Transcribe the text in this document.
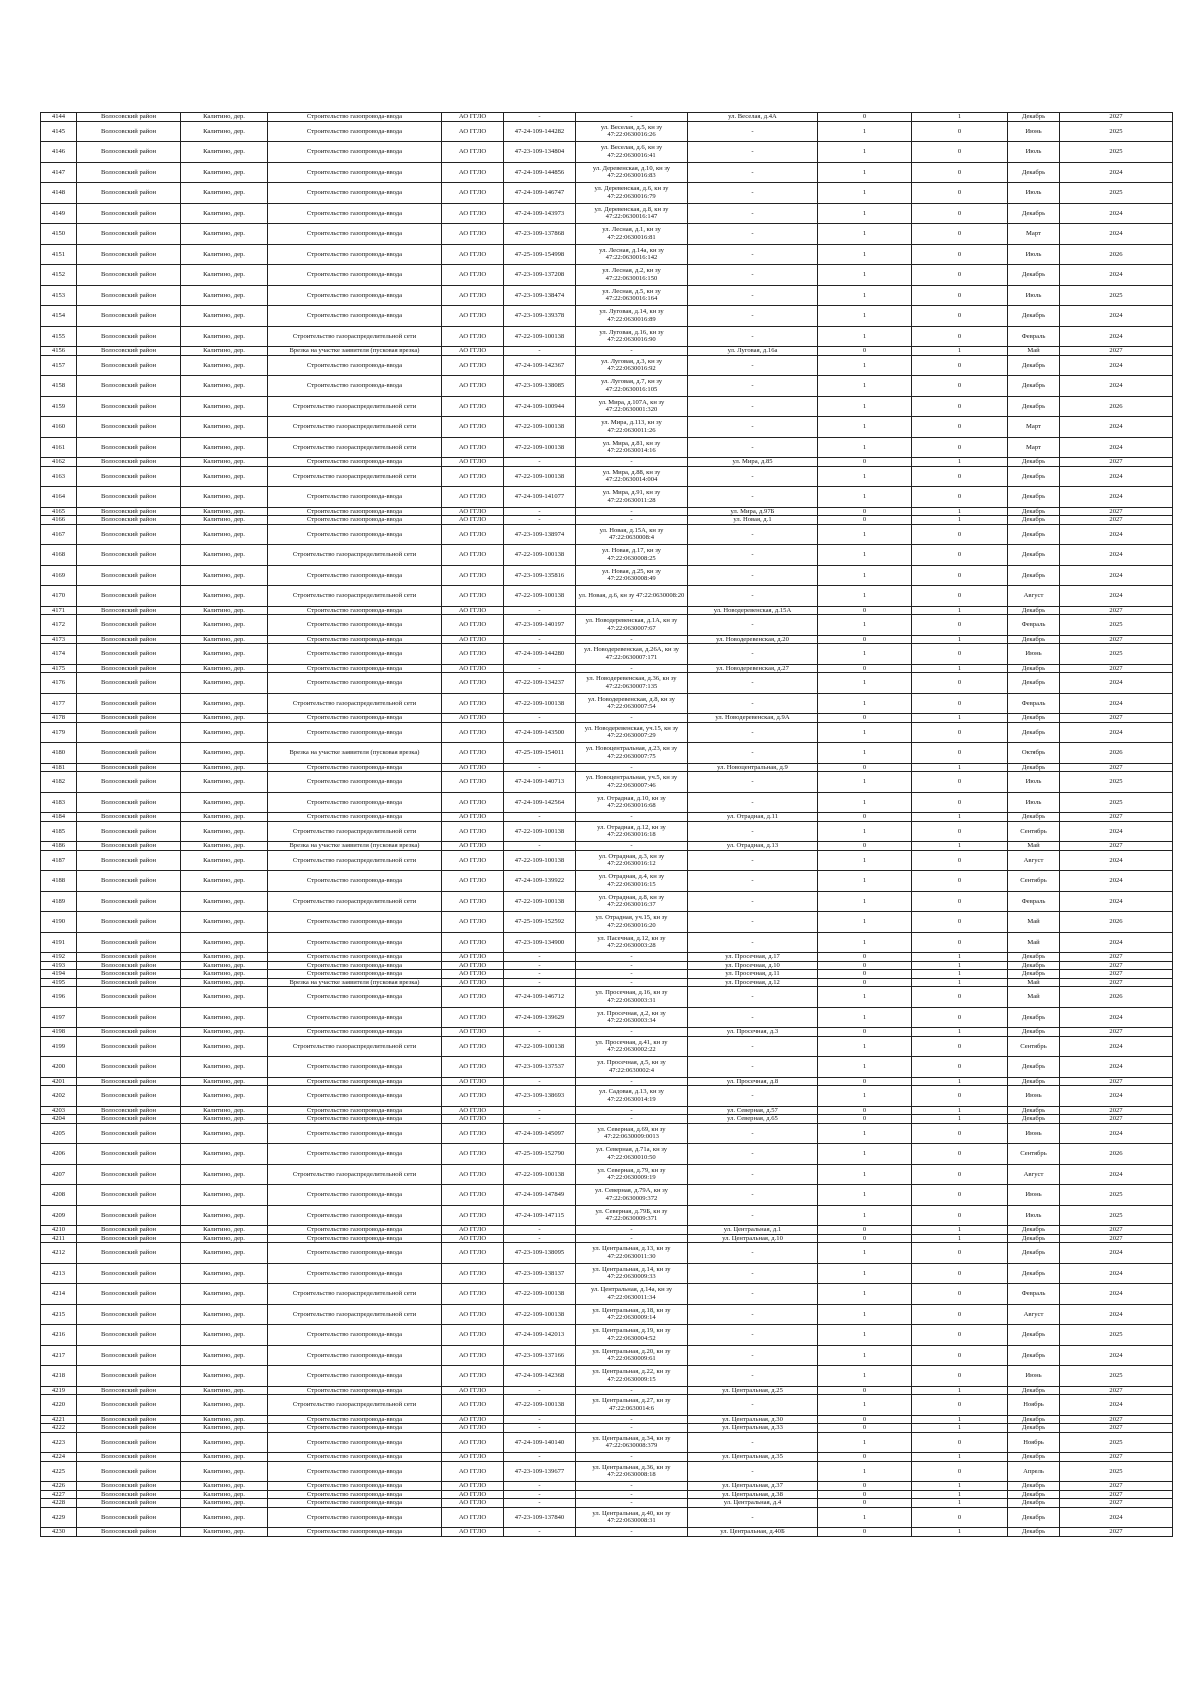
4144	Волосовский район	Калитино, дер.	Строительство газопровода-ввода	АО ГГЛО	-	-	ул. Веселая, д.4А	0	1	Декабрь	2027
4145	Волосовский район	Калитино, дер.	Строительство газопровода-ввода	АО ГГЛО	47-24-109-144282	ул. Веселая, д.5, кн зу 47:22:0630016:26	-	1	0	Июнь	2025
4146	Волосовский район	Калитино, дер.	Строительство газопровода-ввода	АО ГГЛО	47-23-109-134804	ул. Веселая, д.6, кн зу 47:22:0630016:41	-	1	0	Июль	2025
4147	Волосовский район	Калитино, дер.	Строительство газопровода-ввода	АО ГГЛО	47-24-109-144856	ул. Деревенская, д.10, кн зу 47:22:0630016:83	-	1	0	Декабрь	2024
4148	Волосовский район	Калитино, дер.	Строительство газопровода-ввода	АО ГГЛО	47-24-109-146747	ул. Деревенская, д.6, кн зу 47:22:0630016:79	-	1	0	Июль	2025
4149	Волосовский район	Калитино, дер.	Строительство газопровода-ввода	АО ГГЛО	47-24-109-143973	ул. Деревенская, д.8, кн зу 47:22:0630016:147	-	1	0	Декабрь	2024
4150	Волосовский район	Калитино, дер.	Строительство газопровода-ввода	АО ГГЛО	47-23-109-137868	ул. Лесная, д.1, кн зу 47:22:0630016:81	-	1	0	Март	2024
4151	Волосовский район	Калитино, дер.	Строительство газопровода-ввода	АО ГГЛО	47-25-109-154998	ул. Лесная, д.14а, кн зу 47:22:0630016:142	-	1	0	Июль	2026
4152	Волосовский район	Калитино, дер.	Строительство газопровода-ввода	АО ГГЛО	47-23-109-137208	ул. Лесная, д.2, кн зу 47:22:0630016:150	-	1	0	Декабрь	2024
4153	Волосовский район	Калитино, дер.	Строительство газопровода-ввода	АО ГГЛО	47-23-109-138474	ул. Лесная, д.5, кн зу 47:22:0630016:164	-	1	0	Июль	2025
4154	Волосовский район	Калитино, дер.	Строительство газопровода-ввода	АО ГГЛО	47-23-109-139378	ул. Луговая, д.14, кн зу 47:22:0630016:89	-	1	0	Декабрь	2024
4155	Волосовский район	Калитино, дер.	Строительство газораспределительной сети	АО ГГЛО	47-22-109-100138	ул. Луговая, д.16, кн зу 47:22:0630016:90	-	1	0	Февраль	2024
4156	Волосовский район	Калитино, дер.	Врезка на участке заявителя (пусковая врезка)	АО ГГЛО	-	-	ул. Луговая, д.16а	0	1	Май	2027
4157	Волосовский район	Калитино, дер.	Строительство газопровода-ввода	АО ГГЛО	47-24-109-142367	ул. Луговая, д.3, кн зу 47:22:0630016:92	-	1	0	Декабрь	2024
4158	Волосовский район	Калитино, дер.	Строительство газопровода-ввода	АО ГГЛО	47-23-109-138085	ул. Луговая, д.7, кн зу 47:22:0630016:105	-	1	0	Декабрь	2024
4159	Волосовский район	Калитино, дер.	Строительство газораспределительной сети	АО ГГЛО	47-24-109-100944	ул. Мира, д.107А, кн зу 47:22:0630001:320	-	1	0	Декабрь	2026
4160	Волосовский район	Калитино, дер.	Строительство газораспределительной сети	АО ГГЛО	47-22-109-100138	ул. Мира, д.113, кн зу 47:22:0630011:26	-	1	0	Март	2024
4161	Волосовский район	Калитино, дер.	Строительство газораспределительной сети	АО ГГЛО	47-22-109-100138	ул. Мира, д.81, кн зу 47:22:0630014:16	-	1	0	Март	2024
4162	Волосовский район	Калитино, дер.	Строительство газопровода-ввода	АО ГГЛО	-	-	ул. Мира, д.85	0	1	Декабрь	2027
4163	Волосовский район	Калитино, дер.	Строительство газораспределительной сети	АО ГГЛО	47-22-109-100138	ул. Мира, д.88, кн зу 47:22:0630014:004	-	1	0	Декабрь	2024
4164	Волосовский район	Калитино, дер.	Строительство газопровода-ввода	АО ГГЛО	47-24-109-141077	ул. Мира, д.91, кн зу 47:22:0630011:28	-	1	0	Декабрь	2024
4165	Волосовский район	Калитино, дер.	Строительство газопровода-ввода	АО ГГЛО	-	-	ул. Мира, д.97Б	0	1	Декабрь	2027
4166	Волосовский район	Калитино, дер.	Строительство газопровода-ввода	АО ГГЛО	-	-	ул. Новая, д.1	0	1	Декабрь	2027
4167	Волосовский район	Калитино, дер.	Строительство газопровода-ввода	АО ГГЛО	47-23-109-138974	ул. Новая, д.15А, кн зу 47:22:0630008:4	-	1	0	Декабрь	2024
4168	Волосовский район	Калитино, дер.	Строительство газораспределительной сети	АО ГГЛО	47-22-109-100138	ул. Новая, д.17, кн зу 47:22:0630008:25	-	1	0	Декабрь	2024
4169	Волосовский район	Калитино, дер.	Строительство газопровода-ввода	АО ГГЛО	47-23-109-135816	ул. Новая, д.25, кн зу 47:22:0630008:49	-	1	0	Декабрь	2024
4170	Волосовский район	Калитино, дер.	Строительство газораспределительной сети	АО ГГЛО	47-22-109-100138	ул. Новая, д.6, кн зу 47:22:0630008:20	-	1	0	Август	2024
4171	Волосовский район	Калитино, дер.	Строительство газопровода-ввода	АО ГГЛО	-	-	ул. Новодеревенская, д.15А	0	1	Декабрь	2027
4172	Волосовский район	Калитино, дер.	Строительство газопровода-ввода	АО ГГЛО	47-23-109-140197	ул. Новодеревенская, д.1А, кн зу 47:22:0630007:67	-	1	0	Февраль	2025
4173	Волосовский район	Калитино, дер.	Строительство газопровода-ввода	АО ГГЛО	-	-	ул. Новодеревенская, д.20	0	1	Декабрь	2027
4174	Волосовский район	Калитино, дер.	Строительство газопровода-ввода	АО ГГЛО	47-24-109-144280	ул. Новодеревенская, д.26А, кн зу 47:22:0630007:171	-	1	0	Июнь	2025
4175	Волосовский район	Калитино, дер.	Строительство газопровода-ввода	АО ГГЛО	-	-	ул. Новодеревенская, д.27	0	1	Декабрь	2027
4176	Волосовский район	Калитино, дер.	Строительство газопровода-ввода	АО ГГЛО	47-22-109-134237	ул. Новодеревенская, д.36, кн зу 47:22:0630007:135	-	1	0	Декабрь	2024
4177	Волосовский район	Калитино, дер.	Строительство газораспределительной сети	АО ГГЛО	47-22-109-100138	ул. Новодеревенская, д.8, кн зу 47:22:0630007:54	-	1	0	Февраль	2024
4178	Волосовский район	Калитино, дер.	Строительство газопровода-ввода	АО ГГЛО	-	-	ул. Новодеревенская, д.9А	0	1	Декабрь	2027
4179	Волосовский район	Калитино, дер.	Строительство газопровода-ввода	АО ГГЛО	47-24-109-143500	ул. Новодеревенская, уч.15, кн зу 47:22:0630007:29	-	1	0	Декабрь	2024
4180	Волосовский район	Калитино, дер.	Врезка на участке заявителя (пусковая врезка)	АО ГГЛО	47-25-109-154011	ул. Новоцентральная, д.23, кн зу 47:22:0630007:75	-	1	0	Октябрь	2026
4181	Волосовский район	Калитино, дер.	Строительство газопровода-ввода	АО ГГЛО	-	-	ул. Новоцентральная, д.9	0	1	Декабрь	2027
4182	Волосовский район	Калитино, дер.	Строительство газопровода-ввода	АО ГГЛО	47-24-109-140713	ул. Новоцентральная, уч.5, кн зу 47:22:0630007:46	-	1	0	Июль	2025
4183	Волосовский район	Калитино, дер.	Строительство газопровода-ввода	АО ГГЛО	47-24-109-142564	ул. Отрадная, д.10, кн зу 47:22:0630016:68	-	1	0	Июль	2025
4184	Волосовский район	Калитино, дер.	Строительство газопровода-ввода	АО ГГЛО	-	-	ул. Отрадная, д.11	0	1	Декабрь	2027
4185	Волосовский район	Калитино, дер.	Строительство газораспределительной сети	АО ГГЛО	47-22-109-100138	ул. Отрадная, д.12, кн зу 47:22:0630016:18	-	1	0	Сентябрь	2024
4186	Волосовский район	Калитино, дер.	Врезка на участке заявителя (пусковая врезка)	АО ГГЛО	-	-	ул. Отрадная, д.13	0	1	Май	2027
4187	Волосовский район	Калитино, дер.	Строительство газораспределительной сети	АО ГГЛО	47-22-109-100138	ул. Отрадная, д.3, кн зу 47:22:0630016:12	-	1	0	Август	2024
4188	Волосовский район	Калитино, дер.	Строительство газопровода-ввода	АО ГГЛО	47-24-109-139922	ул. Отрадная, д.4, кн зу 47:22:0630016:15	-	1	0	Сентябрь	2024
4189	Волосовский район	Калитино, дер.	Строительство газораспределительной сети	АО ГГЛО	47-22-109-100138	ул. Отрадная, д.8, кн зу 47:22:0630016:37	-	1	0	Февраль	2024
4190	Волосовский район	Калитино, дер.	Строительство газопровода-ввода	АО ГГЛО	47-25-109-152592	ул. Отрадная, уч.15, кн зу 47:22:0630016:20	-	1	0	Май	2026
4191	Волосовский район	Калитино, дер.	Строительство газопровода-ввода	АО ГГЛО	47-23-109-134900	ул. Пасечная, д.12, кн зу 47:22:0630003:28	-	1	0	Май	2024
4192	Волосовский район	Калитино, дер.	Строительство газопровода-ввода	АО ГГЛО	-	-	ул. Просечная, д.17	0	1	Декабрь	2027
4193	Волосовский район	Калитино, дер.	Строительство газопровода-ввода	АО ГГЛО	-	-	ул. Просечная, д.10	0	1	Декабрь	2027
4194	Волосовский район	Калитино, дер.	Строительство газопровода-ввода	АО ГГЛО	-	-	ул. Просечная, д.11	0	1	Декабрь	2027
4195	Волосовский район	Калитино, дер.	Врезка на участке заявителя (пусковая врезка)	АО ГГЛО	-	-	ул. Просечная, д.12	0	1	Май	2027
4196	Волосовский район	Калитино, дер.	Строительство газопровода-ввода	АО ГГЛО	47-24-109-146712	ул. Просечная, д.16, кн зу 47:22:0630003:31	-	1	0	Май	2026
4197	Волосовский район	Калитино, дер.	Строительство газопровода-ввода	АО ГГЛО	47-24-109-139629	ул. Просечная, д.2, кн зу 47:22:0630003:34	-	1	0	Декабрь	2024
4198	Волосовский район	Калитино, дер.	Строительство газопровода-ввода	АО ГГЛО	-	-	ул. Просечная, д.3	0	1	Декабрь	2027
4199	Волосовский район	Калитино, дер.	Строительство газораспределительной сети	АО ГГЛО	47-22-109-100138	ул. Просечная, д.41, кн зу 47:22:0630002:22	-	1	0	Сентябрь	2024
4200	Волосовский район	Калитино, дер.	Строительство газопровода-ввода	АО ГГЛО	47-23-109-137537	ул. Просечная, д.5, кн зу 47:22:0630002:4	-	1	0	Декабрь	2024
4201	Волосовский район	Калитино, дер.	Строительство газопровода-ввода	АО ГГЛО	-	-	ул. Просечная, д.8	0	1	Декабрь	2027
4202	Волосовский район	Калитино, дер.	Строительство газопровода-ввода	АО ГГЛО	47-23-109-138693	ул. Садовая, д.13, кн зу 47:22:0630014:19	-	1	0	Июнь	2024
4203	Волосовский район	Калитино, дер.	Строительство газопровода-ввода	АО ГГЛО	-	-	ул. Северная, д.57	0	1	Декабрь	2027
4204	Волосовский район	Калитино, дер.	Строительство газопровода-ввода	АО ГГЛО	-	-	ул. Северная, д.65	0	1	Декабрь	2027
4205	Волосовский район	Калитино, дер.	Строительство газопровода-ввода	АО ГГЛО	47-24-109-145097	ул. Северная, д.69, кн зу 47:22:0630009:0013	-	1	0	Июнь	2024
4206	Волосовский район	Калитино, дер.	Строительство газопровода-ввода	АО ГГЛО	47-25-109-152790	ул. Северная, д.71а, кн зу 47:22:0630010:50	-	1	0	Сентябрь	2026
4207	Волосовский район	Калитино, дер.	Строительство газораспределительной сети	АО ГГЛО	47-22-109-100138	ул. Северная, д.79, кн зу 47:22:0630009:19	-	1	0	Август	2024
4208	Волосовский район	Калитино, дер.	Строительство газопровода-ввода	АО ГГЛО	47-24-109-147849	ул. Северная, д.79А, кн зу 47:22:0630009:372	-	1	0	Июнь	2025
4209	Волосовский район	Калитино, дер.	Строительство газопровода-ввода	АО ГГЛО	47-24-109-147115	ул. Северная, д.79Б, кн зу 47:22:0630009:371	-	1	0	Июль	2025
4210	Волосовский район	Калитино, дер.	Строительство газопровода-ввода	АО ГГЛО	-	-	ул. Центральная, д.1	0	1	Декабрь	2027
4211	Волосовский район	Калитино, дер.	Строительство газопровода-ввода	АО ГГЛО	-	-	ул. Центральная, д.10	0	1	Декабрь	2027
4212	Волосовский район	Калитино, дер.	Строительство газопровода-ввода	АО ГГЛО	47-23-109-138095	ул. Центральная, д.13, кн зу 47:22:0630011:30	-	1	0	Декабрь	2024
4213	Волосовский район	Калитино, дер.	Строительство газопровода-ввода	АО ГГЛО	47-23-109-138137	ул. Центральная, д.14, кн зу 47:22:0630009:33	-	1	0	Декабрь	2024
4214	Волосовский район	Калитино, дер.	Строительство газораспределительной сети	АО ГГЛО	47-22-109-100138	ул. Центральная, д.14а, кн зу 47:22:0630011:34	-	1	0	Февраль	2024
4215	Волосовский район	Калитино, дер.	Строительство газораспределительной сети	АО ГГЛО	47-22-109-100138	ул. Центральная, д.18, кн зу 47:22:0630009:14	-	1	0	Август	2024
4216	Волосовский район	Калитино, дер.	Строительство газопровода-ввода	АО ГГЛО	47-24-109-142013	ул. Центральная, д.19, кн зу 47:22:0630004:52	-	1	0	Декабрь	2025
4217	Волосовский район	Калитино, дер.	Строительство газопровода-ввода	АО ГГЛО	47-23-109-137166	ул. Центральная, д.20, кн зу 47:22:0630009:61	-	1	0	Декабрь	2024
4218	Волосовский район	Калитино, дер.	Строительство газопровода-ввода	АО ГГЛО	47-24-109-142368	ул. Центральная, д.22, кн зу 47:22:0630009:15	-	1	0	Июнь	2025
4219	Волосовский район	Калитино, дер.	Строительство газопровода-ввода	АО ГГЛО	-	-	ул. Центральная, д.25	0	1	Декабрь	2027
4220	Волосовский район	Калитино, дер.	Строительство газораспределительной сети	АО ГГЛО	47-22-109-100138	ул. Центральная, д.27, кн зу 47:22:0630014:6	-	1	0	Ноябрь	2024
4221	Волосовский район	Калитино, дер.	Строительство газопровода-ввода	АО ГГЛО	-	-	ул. Центральная, д.30	0	1	Декабрь	2027
4222	Волосовский район	Калитино, дер.	Строительство газопровода-ввода	АО ГГЛО	-	-	ул. Центральная, д.33	0	1	Декабрь	2027
4223	Волосовский район	Калитино, дер.	Строительство газопровода-ввода	АО ГГЛО	47-24-109-140140	ул. Центральная, д.34, кн зу 47:22:0630008:379	-	1	0	Ноябрь	2025
4224	Волосовский район	Калитино, дер.	Строительство газопровода-ввода	АО ГГЛО	-	-	ул. Центральная, д.35	0	1	Декабрь	2027
4225	Волосовский район	Калитино, дер.	Строительство газопровода-ввода	АО ГГЛО	47-23-109-139677	ул. Центральная, д.36, кн зу 47:22:0630008:18	-	1	0	Апрель	2025
4226	Волосовский район	Калитино, дер.	Строительство газопровода-ввода	АО ГГЛО	-	-	ул. Центральная, д.37	0	1	Декабрь	2027
4227	Волосовский район	Калитино, дер.	Строительство газопровода-ввода	АО ГГЛО	-	-	ул. Центральная, д.38	0	1	Декабрь	2027
4228	Волосовский район	Калитино, дер.	Строительство газопровода-ввода	АО ГГЛО	-	-	ул. Центральная, д.4	0	1	Декабрь	2027
4229	Волосовский район	Калитино, дер.	Строительство газопровода-ввода	АО ГГЛО	47-23-109-137840	ул. Центральная, д.40, кн зу 47:22:0630008:31	-	1	0	Декабрь	2024
4230	Волосовский район	Калитино, дер.	Строительство газопровода-ввода	АО ГГЛО	-	-	ул. Центральная, д.40Б	0	1	Декабрь	2027
